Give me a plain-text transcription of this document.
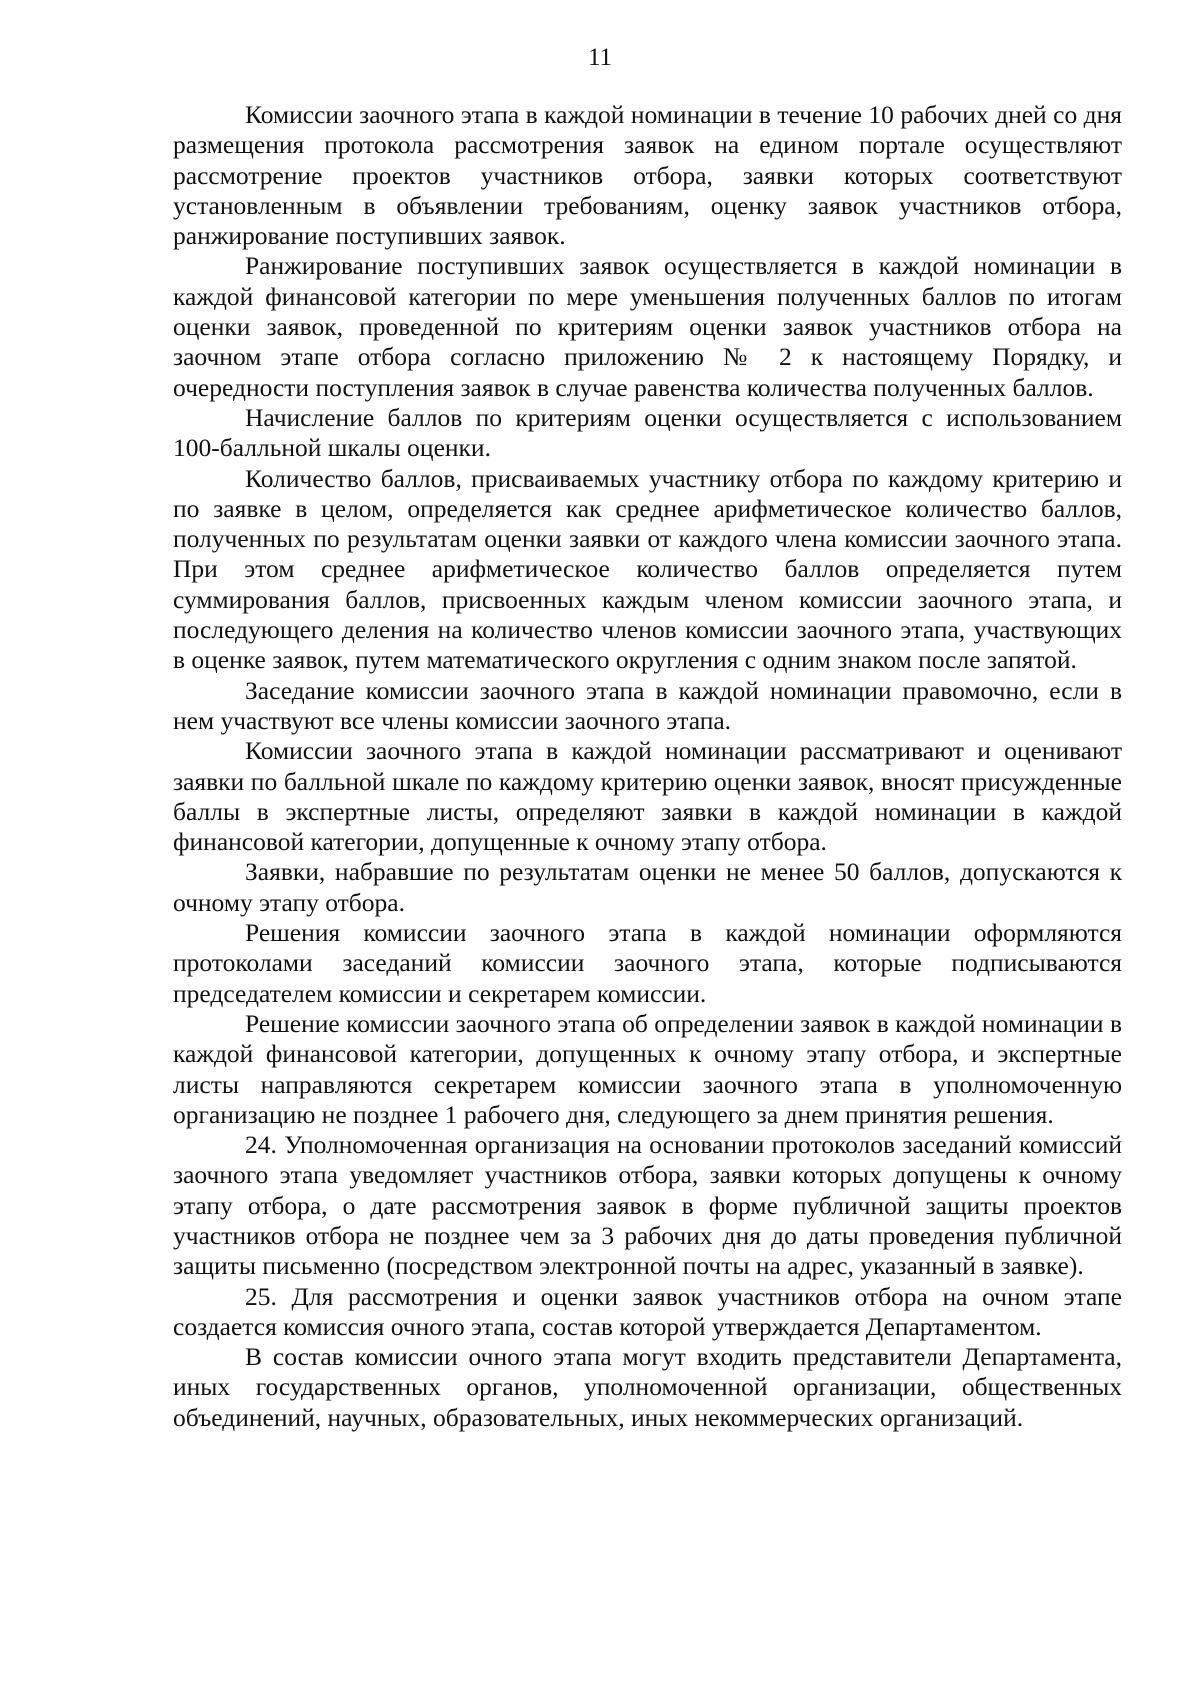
11

Комиссии заочного этапа в каждой номинации в течение 10 рабочих дней со дня размещения протокола рассмотрения заявок на едином портале осуществляют рассмотрение проектов участников отбора, заявки которых соответствуют установленным в объявлении требованиям, оценку заявок участников отбора, ранжирование поступивших заявок.

Ранжирование поступивших заявок осуществляется в каждой номинации в каждой финансовой категории по мере уменьшения полученных баллов по итогам оценки заявок, проведенной по критериям оценки заявок участников отбора на заочном этапе отбора согласно приложению № 2 к настоящему Порядку, и очередности поступления заявок в случае равенства количества полученных баллов.

Начисление баллов по критериям оценки осуществляется с использованием 100-балльной шкалы оценки.

Количество баллов, присваиваемых участнику отбора по каждому критерию и по заявке в целом, определяется как среднее арифметическое количество баллов, полученных по результатам оценки заявки от каждого члена комиссии заочного этапа. При этом среднее арифметическое количество баллов определяется путем суммирования баллов, присвоенных каждым членом комиссии заочного этапа, и последующего деления на количество членов комиссии заочного этапа, участвующих в оценке заявок, путем математического округления с одним знаком после запятой.

Заседание комиссии заочного этапа в каждой номинации правомочно, если в нем участвуют все члены комиссии заочного этапа.

Комиссии заочного этапа в каждой номинации рассматривают и оценивают заявки по балльной шкале по каждому критерию оценки заявок, вносят присужденные баллы в экспертные листы, определяют заявки в каждой номинации в каждой финансовой категории, допущенные к очному этапу отбора.

Заявки, набравшие по результатам оценки не менее 50 баллов, допускаются к очному этапу отбора.

Решения комиссии заочного этапа в каждой номинации оформляются протоколами заседаний комиссии заочного этапа, которые подписываются председателем комиссии и секретарем комиссии.

Решение комиссии заочного этапа об определении заявок в каждой номинации в каждой финансовой категории, допущенных к очному этапу отбора, и экспертные листы направляются секретарем комиссии заочного этапа в уполномоченную организацию не позднее 1 рабочего дня, следующего за днем принятия решения.

24. Уполномоченная организация на основании протоколов заседаний комиссий заочного этапа уведомляет участников отбора, заявки которых допущены к очному этапу отбора, о дате рассмотрения заявок в форме публичной защиты проектов участников отбора не позднее чем за 3 рабочих дня до даты проведения публичной защиты письменно (посредством электронной почты на адрес, указанный в заявке).

25. Для рассмотрения и оценки заявок участников отбора на очном этапе создается комиссия очного этапа, состав которой утверждается Департаментом.

В состав комиссии очного этапа могут входить представители Департамента, иных государственных органов, уполномоченной организации, общественных объединений, научных, образовательных, иных некоммерческих организаций.
